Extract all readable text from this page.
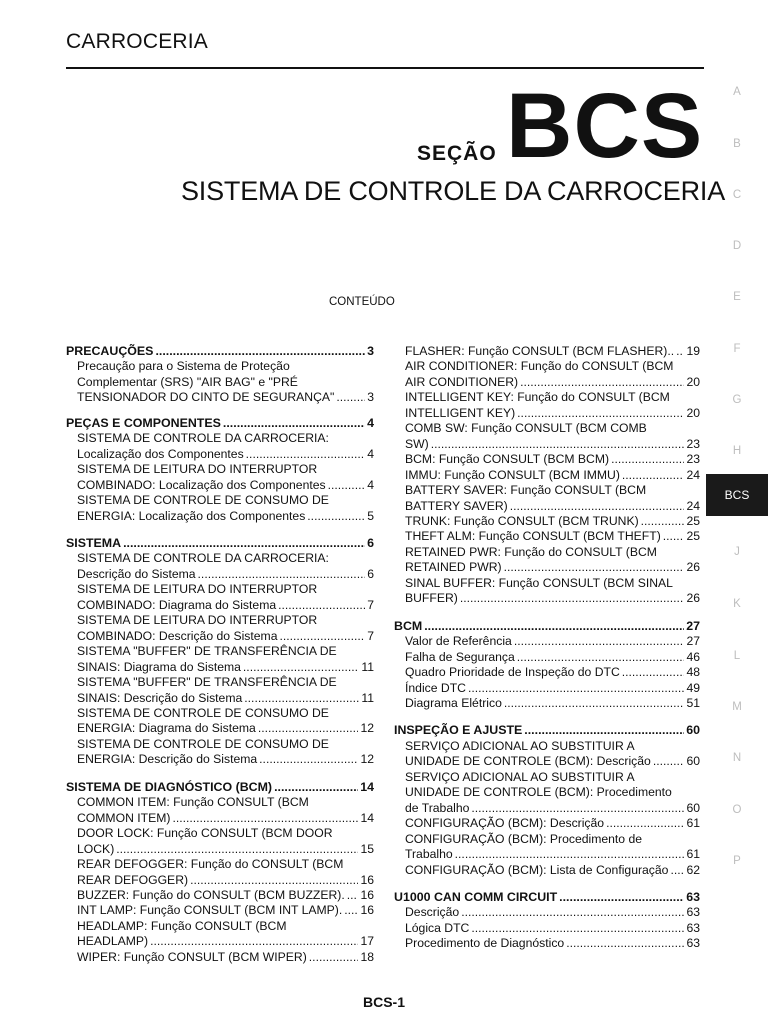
CARROCERIA
SEÇÃO BCS
SISTEMA DE CONTROLE DA CARROCERIA
CONTEÚDO
PRECAUÇÕES .....	3
Precaução para o Sistema de Proteção
Complementar (SRS) "AIR BAG" e "PRÉ
TENSIONADOR DO CINTO DE SEGURANÇA" .....	3
PEÇAS E COMPONENTES .....	4
SISTEMA DE CONTROLE DA CARROCERIA:
Localização dos Componentes .....	4
SISTEMA DE LEITURA DO INTERRUPTOR
COMBINADO: Localização dos Componentes .....	4
SISTEMA DE CONTROLE DE CONSUMO DE
ENERGIA: Localização dos Componentes .....	5
SISTEMA .....	6
SISTEMA DE CONTROLE DA CARROCERIA:
Descrição do Sistema .....	6
SISTEMA DE LEITURA DO INTERRUPTOR
COMBINADO: Diagrama do Sistema .....	7
SISTEMA DE LEITURA DO INTERRUPTOR
COMBINADO: Descrição do Sistema .....	7
SISTEMA "BUFFER" DE TRANSFERÊNCIA DE
SINAIS: Diagrama do Sistema .....	11
SISTEMA "BUFFER" DE TRANSFERÊNCIA DE
SINAIS: Descrição do Sistema .....	11
SISTEMA DE CONTROLE DE CONSUMO DE
ENERGIA: Diagrama do Sistema .....	12
SISTEMA DE CONTROLE DE CONSUMO DE
ENERGIA: Descrição do Sistema .....	12
SISTEMA DE DIAGNÓSTICO (BCM) .....	14
COMMON ITEM: Função CONSULT (BCM
COMMON ITEM) .....	14
DOOR LOCK: Função CONSULT (BCM DOOR
LOCK) .....	15
REAR DEFOGGER: Função do CONSULT (BCM
REAR DEFOGGER) .....	16
BUZZER: Função do CONSULT (BCM BUZZER). ..... 16
INT LAMP: Função CONSULT (BCM INT LAMP). ..... 16
HEADLAMP: Função CONSULT (BCM
HEADLAMP) .....	17
WIPER: Função CONSULT (BCM WIPER) .....	18
FLASHER: Função CONSULT (BCM FLASHER).. ..... 19
AIR CONDITIONER: Função do CONSULT (BCM
AIR CONDITIONER) .....	20
INTELLIGENT KEY: Função do CONSULT (BCM
INTELLIGENT KEY) .....	20
COMB SW: Função CONSULT (BCM COMB
SW) .....	23
BCM: Função CONSULT (BCM BCM) .....	23
IMMU: Função CONSULT (BCM IMMU) .....	24
BATTERY SAVER: Função CONSULT (BCM
BATTERY SAVER) .....	24
TRUNK: Função CONSULT (BCM TRUNK) .....	25
THEFT ALM: Função CONSULT (BCM THEFT) ..... 25
RETAINED PWR: Função do CONSULT (BCM
RETAINED PWR) .....	26
SINAL BUFFER: Função CONSULT (BCM SINAL
BUFFER) .....	26
BCM .....	27
Valor de Referência .....	27
Falha de Segurança .....	46
Quadro Prioridade de Inspeção do DTC .....	48
Índice DTC .....	49
Diagrama Elétrico .....	51
INSPEÇÃO E AJUSTE .....	60
SERVIÇO ADICIONAL AO SUBSTITUIR A
UNIDADE DE CONTROLE (BCM): Descrição .....	60
SERVIÇO ADICIONAL AO SUBSTITUIR A
UNIDADE DE CONTROLE (BCM): Procedimento
de Trabalho .....	60
CONFIGURAÇÃO (BCM): Descrição .....	61
CONFIGURAÇÃO (BCM): Procedimento de
Trabalho .....	61
CONFIGURAÇÃO (BCM): Lista de Configuração ..... 62
U1000 CAN COMM CIRCUIT .....	63
Descrição .....	63
Lógica DTC .....	63
Procedimento de Diagnóstico .....	63
A
B
C
D
E
F
G
H
BCS
J
K
L
M
N
O
P
BCS-1
